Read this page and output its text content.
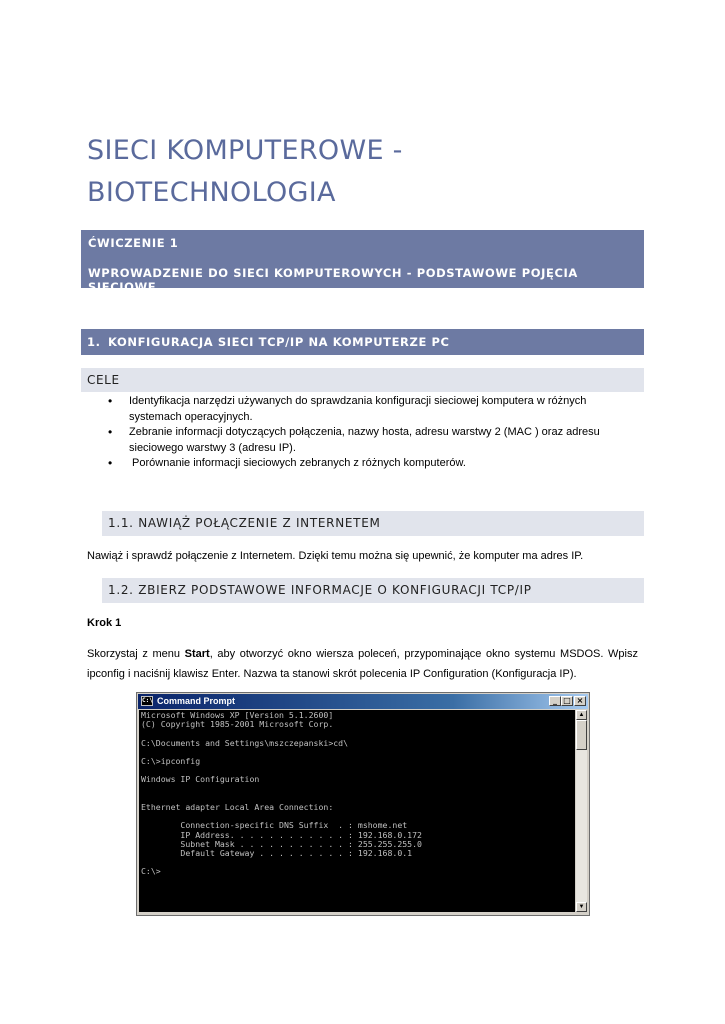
SIECI KOMPUTEROWE -
BIOTECHNOLOGIA
ĆWICZENIE 1
WPROWADZENIE DO SIECI KOMPUTEROWYCH - PODSTAWOWE POJĘCIA SIECIOWE
1. KONFIGURACJA SIECI TCP/IP NA KOMPUTERZE PC
CELE
• Identyfikacja narzędzi używanych do sprawdzania konfiguracji sieciowej komputera w różnych systemach operacyjnych.
• Zebranie informacji dotyczących połączenia, nazwy hosta, adresu warstwy 2 (MAC ) oraz adresu sieciowego warstwy 3 (adresu IP).
• Porównanie informacji sieciowych zebranych z różnych komputerów.
1.1. NAWIĄŻ POŁĄCZENIE Z INTERNETEM
Nawiąż i sprawdź połączenie z Internetem. Dzięki temu można się upewnić, że komputer ma adres IP.
1.2. ZBIERZ PODSTAWOWE INFORMACJE O KONFIGURACJI TCP/IP
Krok 1
Skorzystaj z menu Start, aby otworzyć okno wiersza poleceń, przypominające okno systemu MSDOS. Wpisz ipconfig i naciśnij klawisz Enter. Nazwa ta stanowi skrót polecenia IP Configuration (Konfiguracja IP).
C:\ Command Prompt	_ □ ×
Microsoft Windows XP [Version 5.1.2600]
(C) Copyright 1985-2001 Microsoft Corp.

C:\Documents and Settings\mszczepanski>cd\

C:\>ipconfig

Windows IP Configuration

Ethernet adapter Local Area Connection:

Connection-specific DNS Suffix  . : mshome.net
IP Address. . . . . . . . . . . . : 192.168.0.172
Subnet Mask . . . . . . . . . . . : 255.255.255.0
Default Gateway . . . . . . . . . : 192.168.0.1

C:\>
▲
▼
